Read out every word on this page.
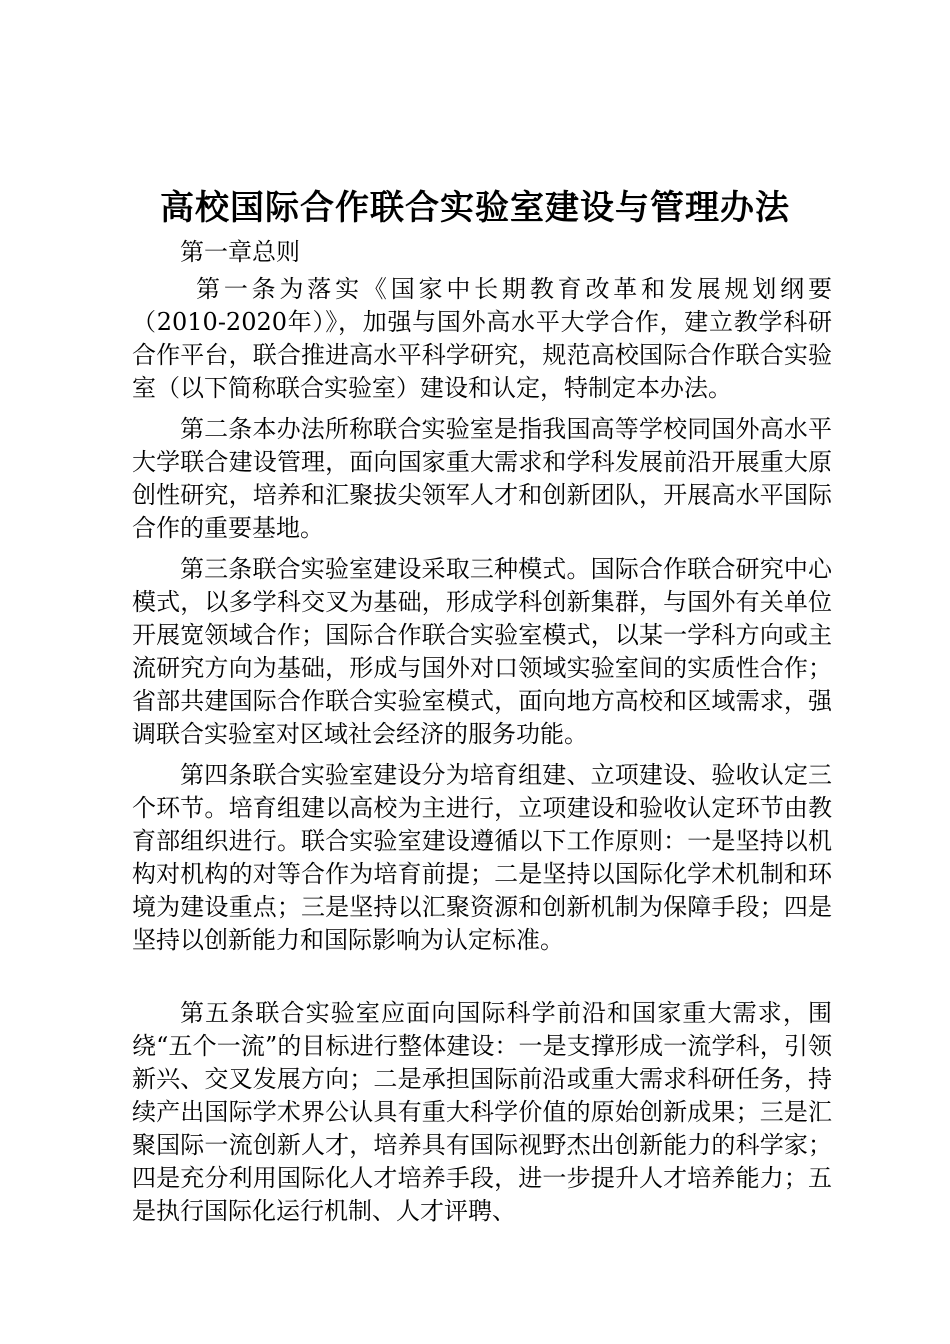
高校国际合作联合实验室建设与管理办法

第一章总则

第一条为落实《国家中长期教育改革和发展规划纲要（2010-2020年）》，加强与国外高水平大学合作，建立教学科研合作平台，联合推进高水平科学研究，规范高校国际合作联合实验室（以下简称联合实验室）建设和认定，特制定本办法。

第二条本办法所称联合实验室是指我国高等学校同国外高水平大学联合建设管理，面向国家重大需求和学科发展前沿开展重大原创性研究，培养和汇聚拔尖领军人才和创新团队，开展高水平国际合作的重要基地。

第三条联合实验室建设采取三种模式。国际合作联合研究中心模式，以多学科交叉为基础，形成学科创新集群，与国外有关单位开展宽领域合作；国际合作联合实验室模式，以某一学科方向或主流研究方向为基础，形成与国外对口领域实验室间的实质性合作；省部共建国际合作联合实验室模式，面向地方高校和区域需求，强调联合实验室对区域社会经济的服务功能。

第四条联合实验室建设分为培育组建、立项建设、验收认定三个环节。培育组建以高校为主进行，立项建设和验收认定环节由教育部组织进行。联合实验室建设遵循以下工作原则：一是坚持以机构对机构的对等合作为培育前提；二是坚持以国际化学术机制和环境为建设重点；三是坚持以汇聚资源和创新机制为保障手段；四是坚持以创新能力和国际影响为认定标准。

第五条联合实验室应面向国际科学前沿和国家重大需求，围绕“五个一流”的目标进行整体建设：一是支撑形成一流学科，引领新兴、交叉发展方向；二是承担国际前沿或重大需求科研任务，持续产出国际学术界公认具有重大科学价值的原始创新成果；三是汇聚国际一流创新人才，培养具有国际视野杰出创新能力的科学家；四是充分利用国际化人才培养手段，进一步提升人才培养能力；五是执行国际化运行机制、人才评聘、
